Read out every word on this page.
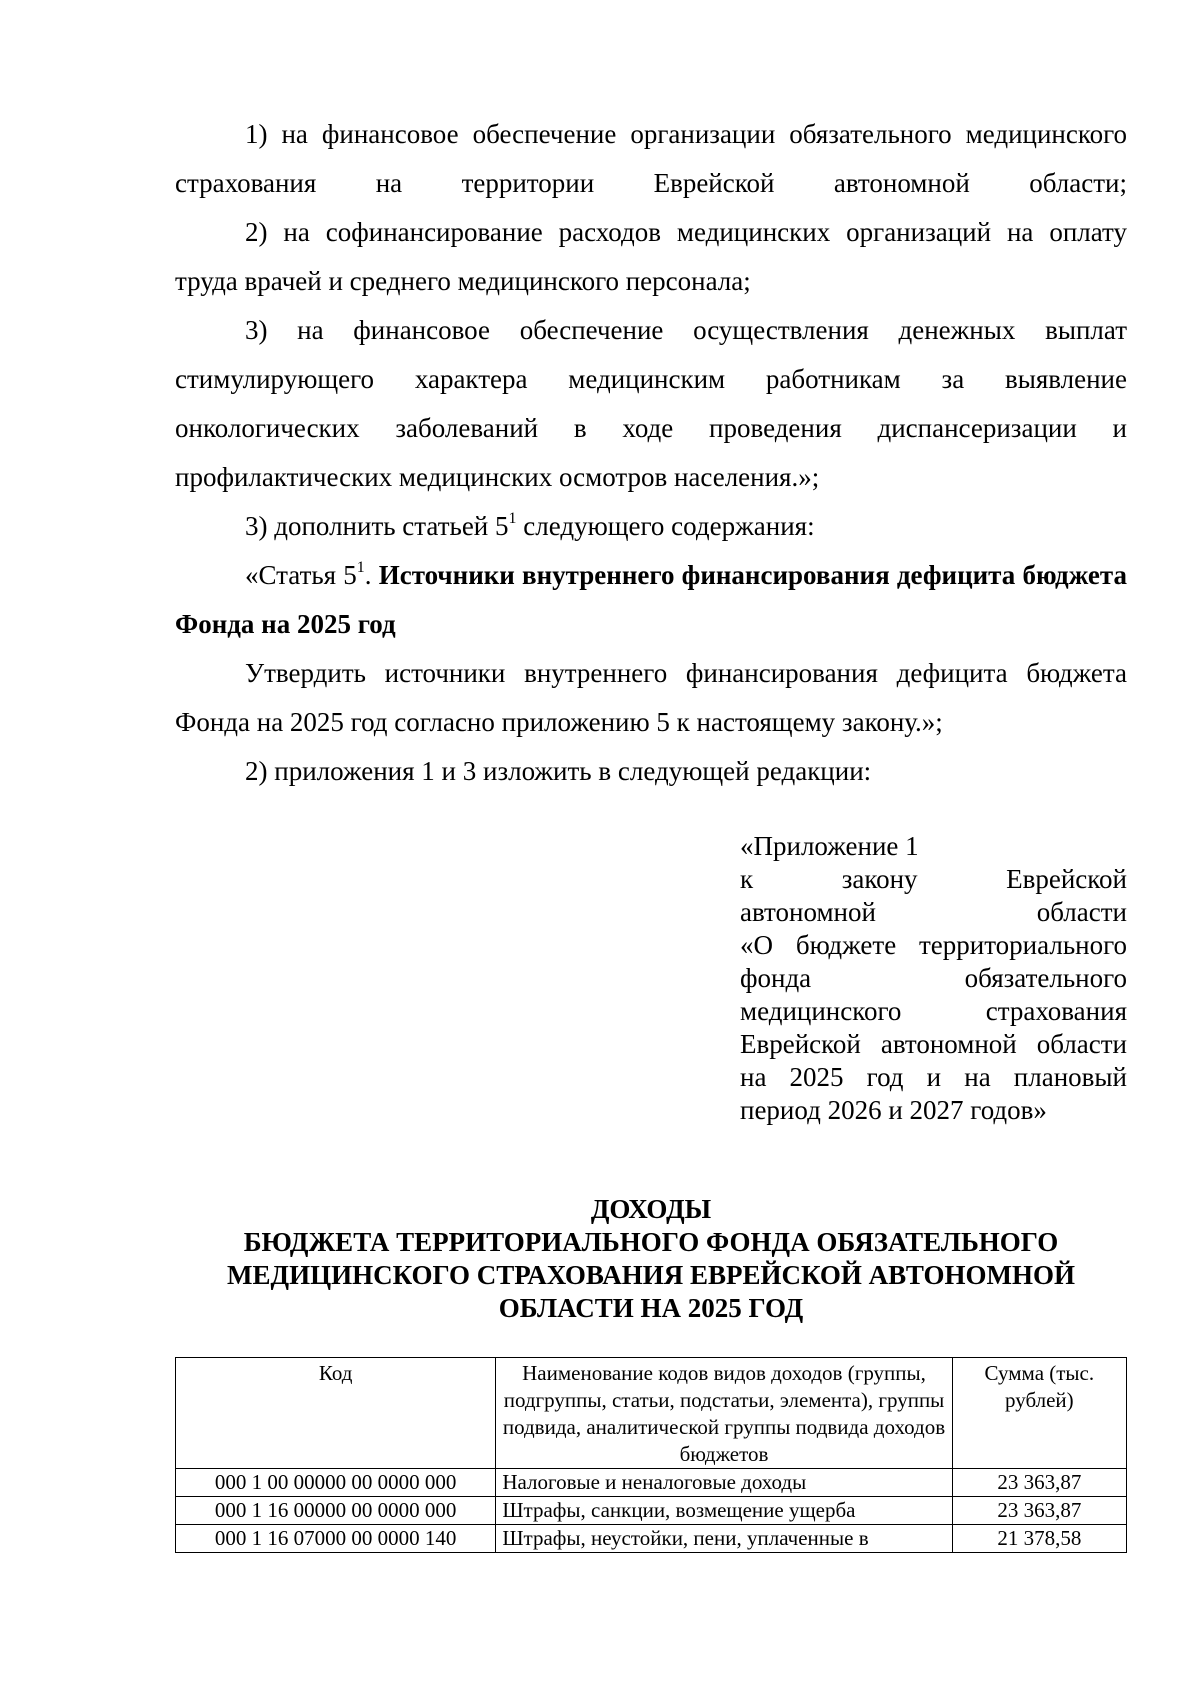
1) на финансовое обеспечение организации обязательного медицинского страхования на территории Еврейской автономной области;

2) на софинансирование расходов медицинских организаций на оплату труда врачей и среднего медицинского персонала;

3) на финансовое обеспечение осуществления денежных выплат стимулирующего характера медицинским работникам за выявление онкологических заболеваний в ходе проведения диспансеризации и профилактических медицинских осмотров населения.»;

3) дополнить статьей $5^1$ следующего содержания:

«Статья $5^1$. Источники внутреннего финансирования дефицита бюджета Фонда на 2025 год

Утвердить источники внутреннего финансирования дефицита бюджета Фонда на 2025 год согласно приложению 5 к настоящему закону.»;

2) приложения 1 и 3 изложить в следующей редакции:

«Приложение 1
к закону Еврейской
автономной области
«О бюджете территориального
фонда обязательного
медицинского страхования
Еврейской автономной области
на 2025 год и на плановый
период 2026 и 2027 годов»
ДОХОДЫ
БЮДЖЕТА ТЕРРИТОРИАЛЬНОГО ФОНДА ОБЯЗАТЕЛЬНОГО
МЕДИЦИНСКОГО СТРАХОВАНИЯ ЕВРЕЙСКОЙ АВТОНОМНОЙ
ОБЛАСТИ НА 2025 ГОД
Код	Наименование кодов видов доходов (группы, подгруппы, статьи, подстатьи, элемента), группы подвида, аналитической группы подвида доходов бюджетов	Сумма (тыс. рублей)
000 1 00 00000 00 0000 000	Налоговые и неналоговые доходы	23 363,87
000 1 16 00000 00 0000 000	Штрафы, санкции, возмещение ущерба	23 363,87
000 1 16 07000 00 0000 140	Штрафы, неустойки, пени, уплаченные в	21 378,58
